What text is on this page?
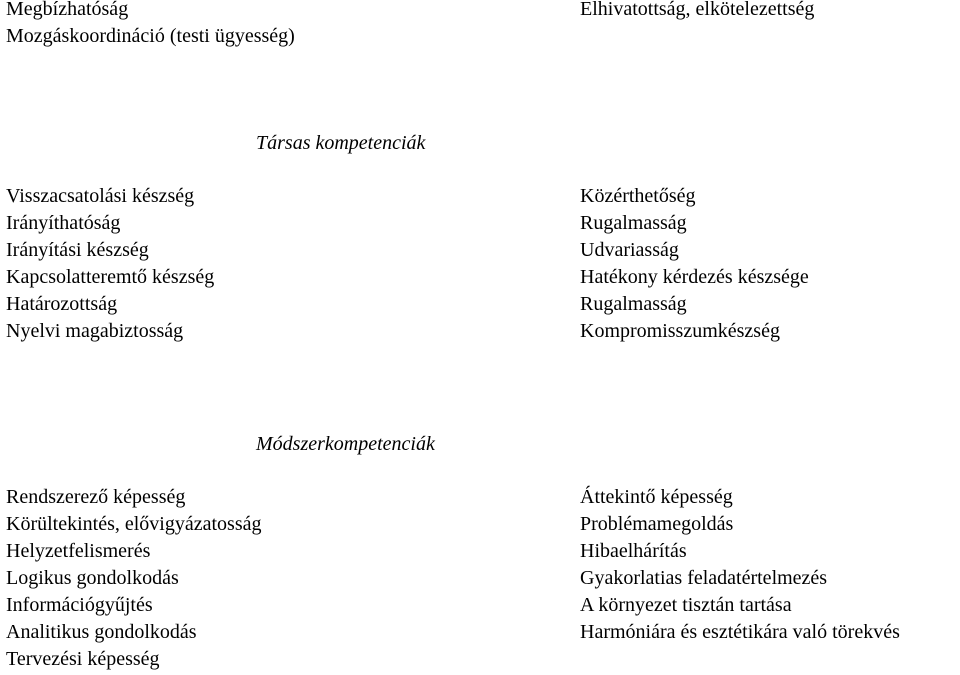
Megbízhatóság
Mozgáskoordináció (testi ügyesség)
Elhivatottság, elkötelezettség
Társas kompetenciák
Visszacsatolási készség
Irányíthatóság
Irányítási készség
Kapcsolatteremtő készség
Határozottság
Nyelvi magabiztosság
Közérthetőség
Rugalmasság
Udvariasság
Hatékony kérdezés készsége
Rugalmasság
Kompromisszumkészség
Módszerkompetenciák
Rendszerező képesség
Körültekintés, elővigyázatosság
Helyzetfelismerés
Logikus gondolkodás
Információgyűjtés
Analitikus gondolkodás
Tervezési képesség
Áttekintő képesség
Problémamegoldás
Hibaelhárítás
Gyakorlatias feladatértelmezés
A környezet tisztán tartása
Harmóniára és esztétikára való törekvés
